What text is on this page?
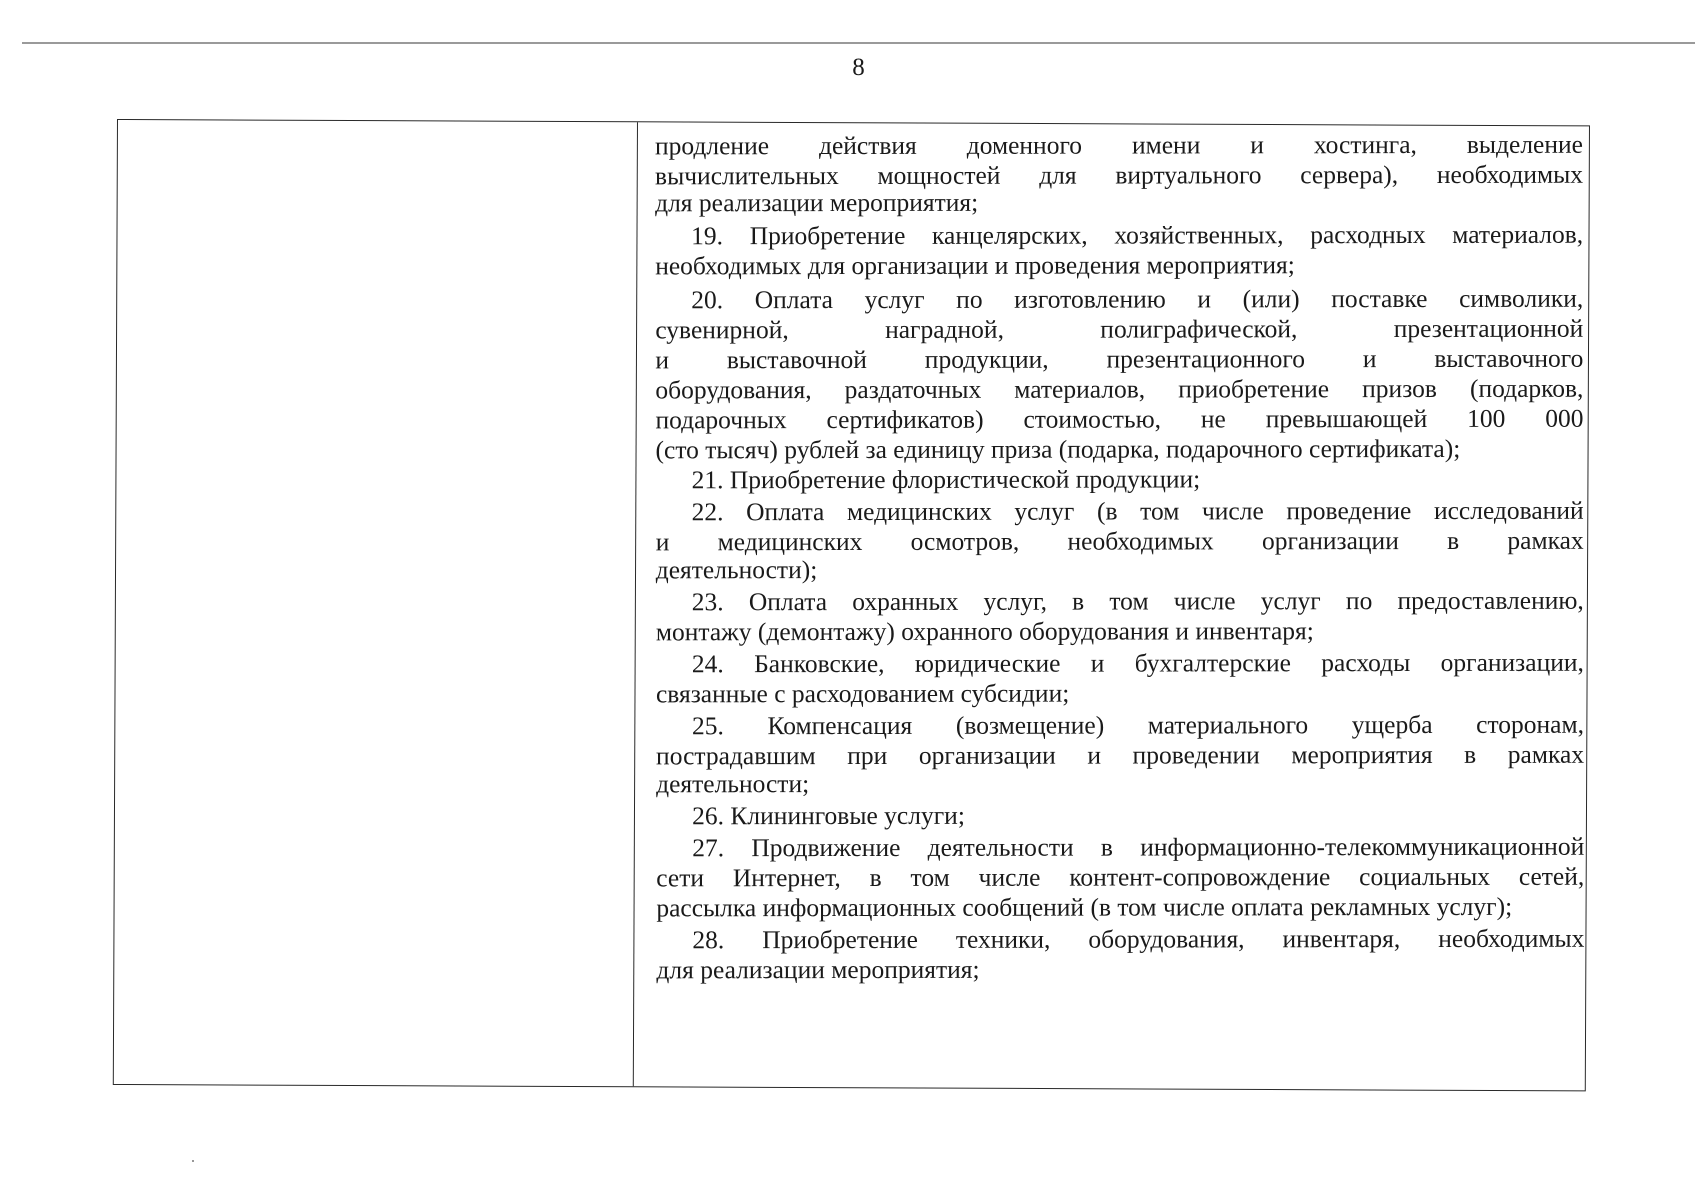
8
продление действия доменного имени и хостинга, выделение
вычислительных мощностей для виртуального сервера), необходимых
для реализации мероприятия;
19. Приобретение канцелярских, хозяйственных, расходных материалов,
необходимых для организации и проведения мероприятия;
20. Оплата услуг по изготовлению и (или) поставке символики,
сувенирной, наградной, полиграфической, презентационной
и выставочной продукции, презентационного и выставочного
оборудования, раздаточных материалов, приобретение призов (подарков,
подарочных сертификатов) стоимостью, не превышающей 100 000
(сто тысяч) рублей за единицу приза (подарка, подарочного сертификата);
21. Приобретение флористической продукции;
22. Оплата медицинских услуг (в том числе проведение исследований
и медицинских осмотров, необходимых организации в рамках
деятельности);
23. Оплата охранных услуг, в том числе услуг по предоставлению,
монтажу (демонтажу) охранного оборудования и инвентаря;
24. Банковские, юридические и бухгалтерские расходы организации,
связанные с расходованием субсидии;
25. Компенсация (возмещение) материального ущерба сторонам,
пострадавшим при организации и проведении мероприятия в рамках
деятельности;
26. Клининговые услуги;
27. Продвижение деятельности в информационно-телекоммуникационной
сети Интернет, в том числе контент-сопровождение социальных сетей,
рассылка информационных сообщений (в том числе оплата рекламных услуг);
28. Приобретение техники, оборудования, инвентаря, необходимых
для реализации мероприятия;
